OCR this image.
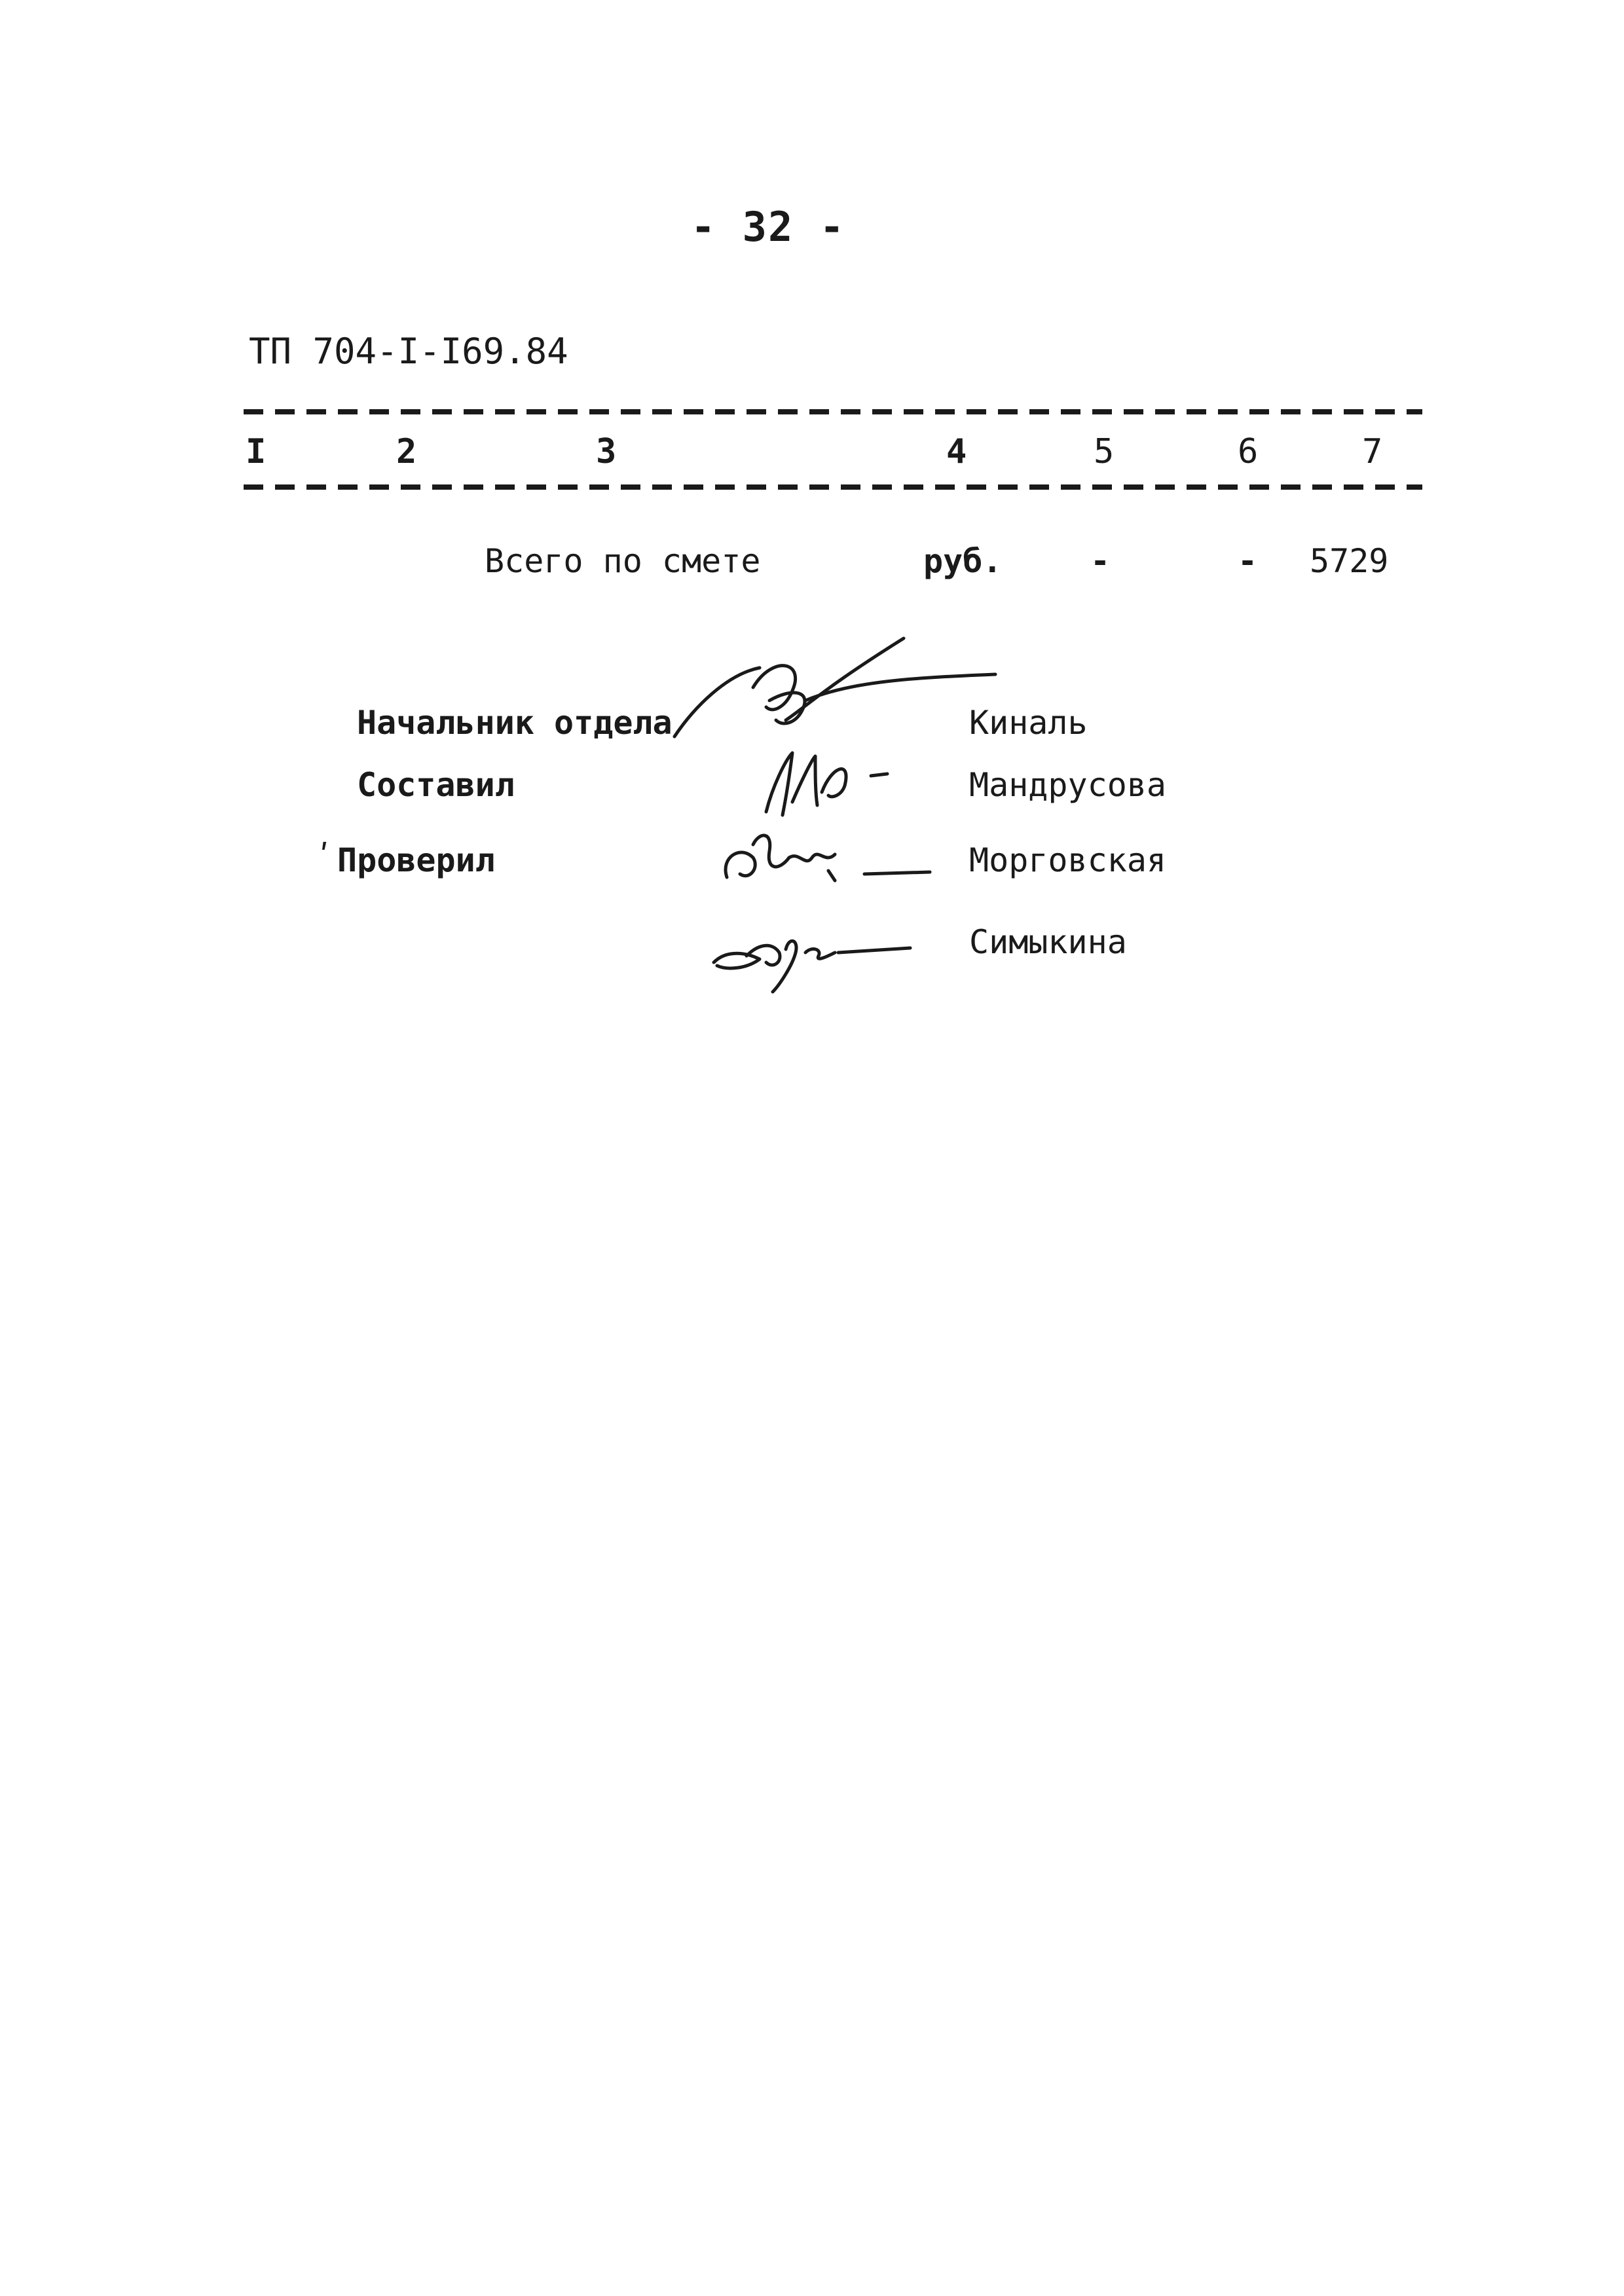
- 32 -
ТП 704-I-I69.84
I	2	3	4	5	6	7
Всего по смете	руб.	-	- 5729
Начальник отдела	Киналь
Составил	Мандрусова
ʹ Проверил	Морговская
Симыкина
